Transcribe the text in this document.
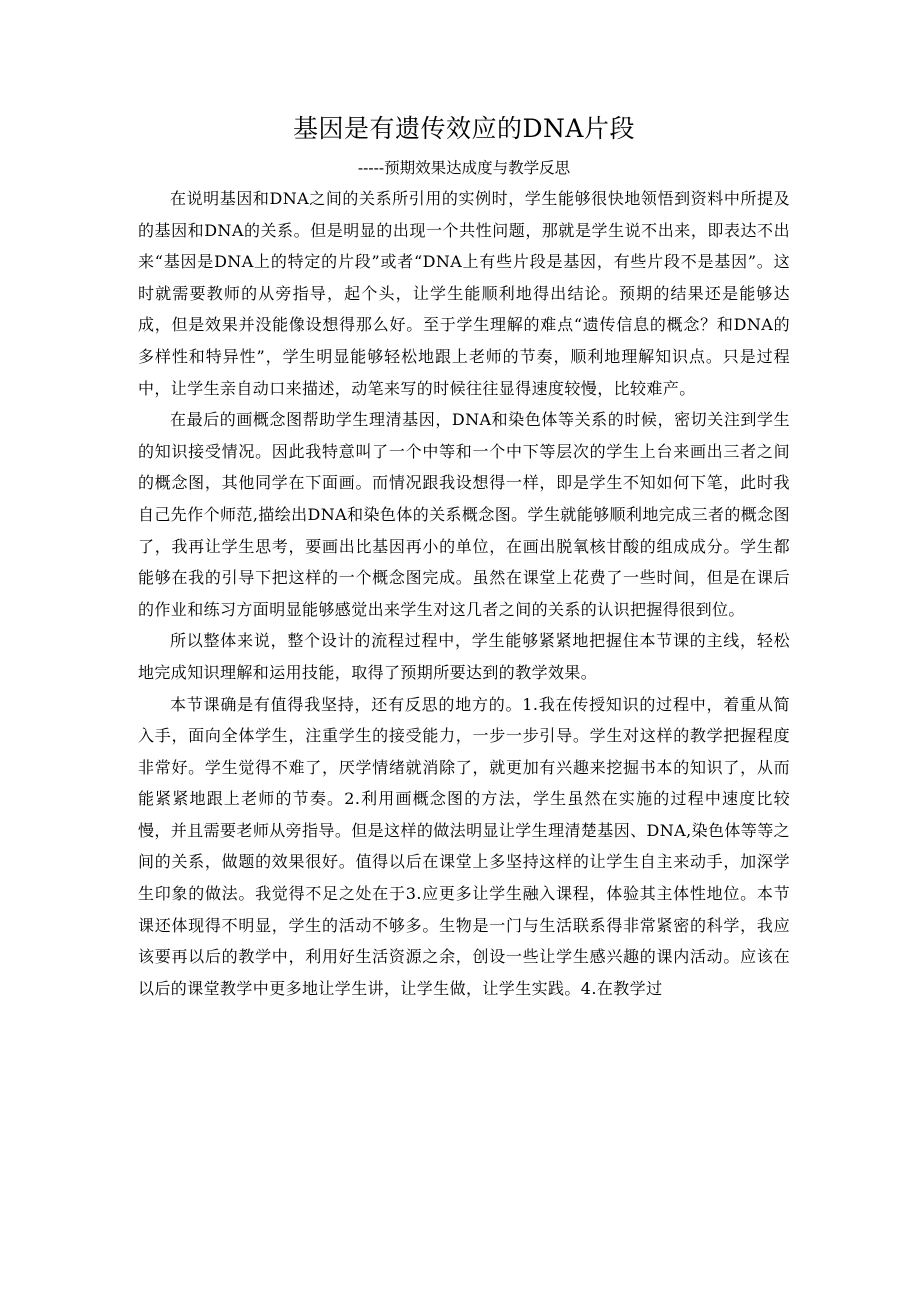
基因是有遗传效应的DNA片段

-----预期效果达成度与教学反思

在说明基因和DNA之间的关系所引用的实例时，学生能够很快地领悟到资料中所提及的基因和DNA的关系。但是明显的出现一个共性问题，那就是学生说不出来，即表达不出来“基因是DNA上的特定的片段”或者“DNA上有些片段是基因，有些片段不是基因”。这时就需要教师的从旁指导，起个头，让学生能顺利地得出结论。预期的结果还是能够达成，但是效果并没能像设想得那么好。至于学生理解的难点“遗传信息的概念？和DNA的多样性和特异性”，学生明显能够轻松地跟上老师的节奏，顺利地理解知识点。只是过程中，让学生亲自动口来描述，动笔来写的时候往往显得速度较慢，比较难产。

在最后的画概念图帮助学生理清基因，DNA和染色体等关系的时候，密切关注到学生的知识接受情况。因此我特意叫了一个中等和一个中下等层次的学生上台来画出三者之间的概念图，其他同学在下面画。而情况跟我设想得一样，即是学生不知如何下笔，此时我自己先作个师范,描绘出DNA和染色体的关系概念图。学生就能够顺利地完成三者的概念图了，我再让学生思考，要画出比基因再小的单位，在画出脱氧核甘酸的组成成分。学生都能够在我的引导下把这样的一个概念图完成。虽然在课堂上花费了一些时间，但是在课后的作业和练习方面明显能够感觉出来学生对这几者之间的关系的认识把握得很到位。

所以整体来说，整个设计的流程过程中，学生能够紧紧地把握住本节课的主线，轻松地完成知识理解和运用技能，取得了预期所要达到的教学效果。

本节课确是有值得我坚持，还有反思的地方的。1.我在传授知识的过程中，着重从简入手，面向全体学生，注重学生的接受能力，一步一步引导。学生对这样的教学把握程度非常好。学生觉得不难了，厌学情绪就消除了，就更加有兴趣来挖掘书本的知识了，从而能紧紧地跟上老师的节奏。2.利用画概念图的方法，学生虽然在实施的过程中速度比较慢，并且需要老师从旁指导。但是这样的做法明显让学生理清楚基因、DNA,染色体等等之间的关系，做题的效果很好。值得以后在课堂上多坚持这样的让学生自主来动手，加深学生印象的做法。我觉得不足之处在于3.应更多让学生融入课程，体验其主体性地位。本节课还体现得不明显，学生的活动不够多。生物是一门与生活联系得非常紧密的科学，我应该要再以后的教学中，利用好生活资源之余，创设一些让学生感兴趣的课内活动。应该在以后的课堂教学中更多地让学生讲，让学生做，让学生实践。4.在教学过
